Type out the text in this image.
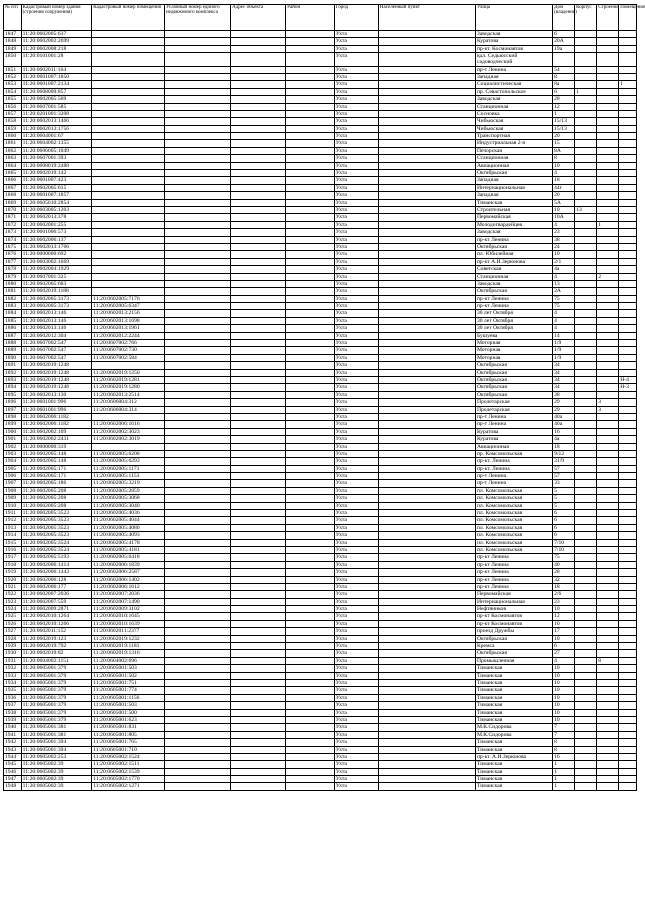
№ п/п	Кадастровый номер здания (строения сооружения)	Кадастровый номер помещения	Условный номер единого недвижимого комплекса	Адрес объекта	Район	Город	Населенный пункт	Улица	Дом (владение)	Корпус	Строение	Помещение
1847	11:20:0602005:637					Ухта		Заводская	6			
1848	11:20:0602002:2699					Ухта		Куратова	20А			
1849	11:20:0602008:218					Ухта		пр-кт. Космонавтов	19а			
1850	11:20:0101001:28					Ухта		вдл. Седьюсский садоводческий				
1851	11:20:0602011:164					Ухта		пр-т Ленина	54			
1852	11:20:0601007:1850					Ухта		Западная	8			
1853	11:20:0601007:2134					Ухта		Социалистическая	8а			1
1854	11:20:0608009:857					Ухта		пр. Севастопольское	6	1		
1855	11:20:0602005:569					Ухта		Заводская	28			
1856	11:20:0607001:585					Ухта		Станционная	12			
1857	11:20:0201001:3208					Ухта		Сосновка	1			
1858	11:20:0602013:1466					Ухта		Чибьюская	15/13			
1859	11:20:0602013:1756					Ухта		Чибьюская	15/13			
1860	11:20:0604001:67					Ухта		Транспортная	20			
1861	11:20:0604002:1355					Ухта		Индустриальная 2-я	15			
1862	11:20:0606005:1049					Ухта		Печорская	8А			
1863	11:20:0607001:393					Ухта		Станционная	8			
1864	11:20:0608019:2488					Ухта		Авиационная	10			
1865	11:20:0602019:142					Ухта		Октябрьская	4			
1866	11:20:0601007:423					Ухта		Западная	18			
1867	11:20:0602005:615					Ухта		Интернациональная	44г			
1868	11:20:0601007:1857					Ухта		Западная	20			
1869	11:20:0605010:2854					Ухта		Тиманская	5А			
1870	11:20:0603005:1203					Ухта		Строительная	10	13		
1871	11:20:0602013:378					Ухта		Первомайская	10А			
1872	11:20:0602001:255					Ухта		Молодогвардейцев	4		1	
1873	11:20:0601006:573					Ухта		Заводская	23			
1874	11:20:0602006:137					Ухта		пр-кт Ленина	38			
1875	11:20:0602013:1766					Ухта		Октябрьская	24			
1876	11:20:0000000:692					Ухта		пл. Юбилейная	10			
1877	11:20:0603002:1669					Ухта		пр-кт А.И.Зерюнова	2/1			
1878	11:20:0602004:1929					Ухта		Советская	4а			
1879	11:20:0607001:325					Ухта		Станционная	4		2	
1880	11:20:0602005:683					Ухта		Заводская	13			
1881	11:20:0602019:1188					Ухта		Октябрьская	2А			
1882	11:20:0602005:3173	11:20:0602005:7176				Ухта		пр-кт Ленина	75			
1883	11:20:0602005:3173	11:20:0602005:6347				Ухта		пр-кт Ленина	75			
1884	11:20:0602013:146	11:20:0602013:2156				Ухта		30 лет Октября	4			
1885	11:20:0602013:146	11:20:0602013:1698				Ухта		30 лет Октября	4			
1886	11:20:0602013:146	11:20:0602013:1961				Ухта		30 лет Октября	4			
1887	11:20:0602012:304	11:20:0602012:2244				Ухта		Бушуева	14			
1888	11:20:0607002:547	11:20:0607002:766				Ухта		Моторная	1/9			
1889	11:20:0607002:547	11:20:0607002:730				Ухта		Моторная	1/9			
1890	11:20:0607002:547	11:20:0607002:584				Ухта		Моторная	1/9			
1891	11:20:0602019:1248					Ухта		Октябрьская	34			
1892	11:20:0602019:1248	11:20:0602019:1250				Ухта		Октябрьская	34			
1893	11:20:0602019:1248	11:20:0602019:1281				Ухта		Октябрьская	34			Н-4
1894	11:20:0602019:1248	11:20:0602019:1280				Ухта		Октябрьская	34			Н-3
1895	11:20:0602013:130	11:20:0602013:2514				Ухта		Октябрьская	38			
1896	11:20:0601001:996	11:20:0606004:312				Ухта		Пролетарская	29		3	
1897	11:20:0601001:996	11:20:0606004:314				Ухта		Пролетарская	29		3	
1898	11:20:0602006:1182					Ухта		пр-т Ленина	40а			
1899	11:20:0602006:1182	11:20:0602006:1616				Ухта		пр-т Ленина	40а			
1900	11:20:0602002:109	11:20:0602002:3023				Ухта		Куратова	16			
1901	11:20:0602002:2431	11:20:0602002:3019				Ухта		Куратова	4а			
1902	11:20:0000000:319					Ухта		Авиационная	18			
1903	11:20:0602005:148	11:20:0602005:6208				Ухта		пр. Комсомольская	9/12			
1904	11:20:0602005:148	11:20:0602005:6293				Ухта		пр-кт. Ленина	31/9			
1905	11:20:0602005:171	11:20:0602005:1171				Ухта		пр-кт. Ленина	57			
1906	11:20:0602005:171	11:20:0602005:1153				Ухта		пр-т Ленина	57			
1907	11:20:0602005:186	11:20:0602005:3219				Ухта		пр-т Ленина	33			
1908	11:20:0602005:208	11:20:0602005:2859				Ухта		пл. Комсомольская	5			
1909	11:20:0602005:208	11:20:0602005:3068				Ухта		пл. Комсомольская	5			
1910	11:20:0602005:208	11:20:0602005:3040				Ухта		пл. Комсомольская	5			
1911	11:20:0602005:3523	11:20:0602005:4036				Ухта		пл. Комсомольская	6			
1912	11:20:0602005:3523	11:20:0602005:4044				Ухта		пл. Комсомольская	6			
1913	11:20:0602005:3523	11:20:0602005:4080				Ухта		пл. Комсомольская	6			
1914	11:20:0602005:3523	11:20:0602005:4093				Ухта		пл. Комсомольская	6			
1915	11:20:0602005:3524	11:20:0602005:4178				Ухта		пл. Комсомольская	7/10			
1916	11:20:0602005:3524	11:20:0602005:4181				Ухта		пл. Комсомольская	7/10			
1917	11:20:0602005:5193	11:20:0602005:6418				Ухта		пр-кт Ленина	75			
1918	11:20:0602006:1414	11:20:0602006:1839				Ухта		пр-кт Ленина	40			
1919	11:20:0602006:1443	11:20:0602006:2587				Ухта		пр-кт Ленина	28			
1920	11:20:0602006:128	11:20:0602006:1402				Ухта		пр-кт Ленина	32			
1921	11:20:0602006:177	11:20:0602006:1612				Ухта		пр-кт Ленина	18			
1922	11:20:0602007:2036	11:20:0602007:2036				Ухта		Первомайская	2/6			
1923	11:20:0602007:559	11:20:0602007:1490				Ухта		Интернациональная	23			
1924	11:20:0602009:2871	11:20:0602009:3102				Ухта		Нефтяников	10			
1925	11:20:0602010:1264	11:20:0602010:1645				Ухта		пр-кт Космонавтов	12			
1926	11:20:0602010:1266	11:20:0602010:1639				Ухта		пр-кт Космонавтов	10			
1927	11:20:0602011:152	11:20:0602011:2377				Ухта		проезд Дружбы	17			
1928	11:20:0602019:123	11:20:0602019:1232				Ухта		Октябрьская	10			
1929	11:20:0602019:792	11:20:0602019:1181				Ухта		Кремса	6			
1930	11:20:0602019:82	11:20:0602019:1316				Ухта		Октябрьская	27			
1931	11:20:0604002:1151	11:20:0604002:696				Ухта		Промышленная	4		8	
1932	11:20:0605001:379	11:20:0605001:503				Ухта		Тиманская	10			
1933	11:20:0605001:379	11:20:0605001:502				Ухта		Тиманская	10			
1934	11:20:0605001:379	11:20:0605001:751				Ухта		Тиманская	10			
1935	11:20:0605001:379	11:20:0605001:774				Ухта		Тиманская	10			
1936	11:20:0605001:379	11:20:0605001:1156				Ухта		Тиманская	10			
1937	11:20:0605001:379	11:20:0605001:503				Ухта		Тиманская	10			
1938	11:20:0605001:379	11:20:0605001:500				Ухта		Тиманская	10			
1939	11:20:0605001:379	11:20:0605001:623				Ухта		Тиманская	10			
1940	11:20:0605001:381	11:20:0605001:831				Ухта		М.К.Сидорова	7			
1941	11:20:0605001:381	11:20:0605001:805				Ухта		М.К.Сидорова	7			
1942	11:20:0605001:394	11:20:0605001:765				Ухта		Тиманская	8			
1943	11:20:0605001:394	11:20:0605001:710				Ухта		Тиманская	8			
1944	11:20:0605002:253	11:20:0605002:1524				Ухта		пр-кт. А.И.Зерюнова	16			
1945	11:20:0605002:39	11:20:0605002:1511				Ухта		Тиманская	1			
1946	11:20:0605002:39	11:20:0605002:1539				Ухта		Тиманская	1			
1947	11:20:0605002:39	11:20:0605002:1770				Ухта		Тиманская	1			
1948	11:20:0605002:39	11:20:0605002:1271				Ухта		Тиманская	1			
